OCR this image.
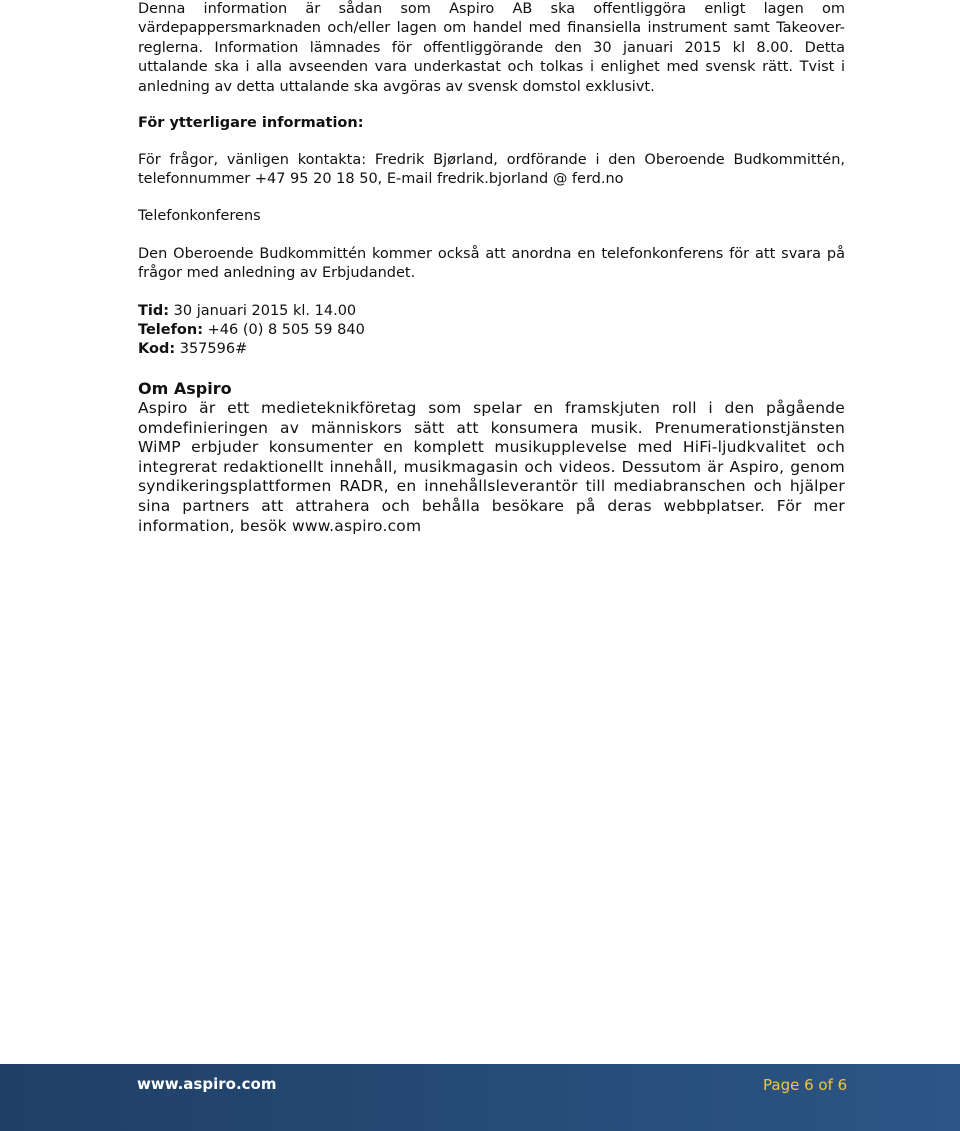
Denna information är sådan som Aspiro AB ska offentliggöra enligt lagen om värdepappersmarknaden och/eller lagen om handel med finansiella instrument samt Takeover-reglerna. Information lämnades för offentliggörande den 30 januari 2015 kl 8.00. Detta uttalande ska i alla avseenden vara underkastat och tolkas i enlighet med svensk rätt. Tvist i anledning av detta uttalande ska avgöras av svensk domstol exklusivt.

För ytterligare information:

För frågor, vänligen kontakta: Fredrik Bjørland, ordförande i den Oberoende Budkommittén, telefonnummer +47 95 20 18 50, E-mail fredrik.bjorland @ ferd.no

Telefonkonferens

Den Oberoende Budkommittén kommer också att anordna en telefonkonferens för att svara på frågor med anledning av Erbjudandet.

Tid: 30 januari 2015 kl. 14.00

Telefon: +46 (0) 8 505 59 840

Kod: 357596#

Om Aspiro

Aspiro är ett medieteknikföretag som spelar en framskjuten roll i den pågående omdefinieringen av människors sätt att konsumera musik. Prenumerationstjänsten WiMP erbjuder konsumenter en komplett musikupplevelse med HiFi-ljudkvalitet och integrerat redaktionellt innehåll, musikmagasin och videos. Dessutom är Aspiro, genom syndikeringsplattformen RADR, en innehållsleverantör till mediabranschen och hjälper sina partners att attrahera och behålla besökare på deras webbplatser. För mer information, besök www.aspiro.com

www.aspiro.com	Page 6 of 6
